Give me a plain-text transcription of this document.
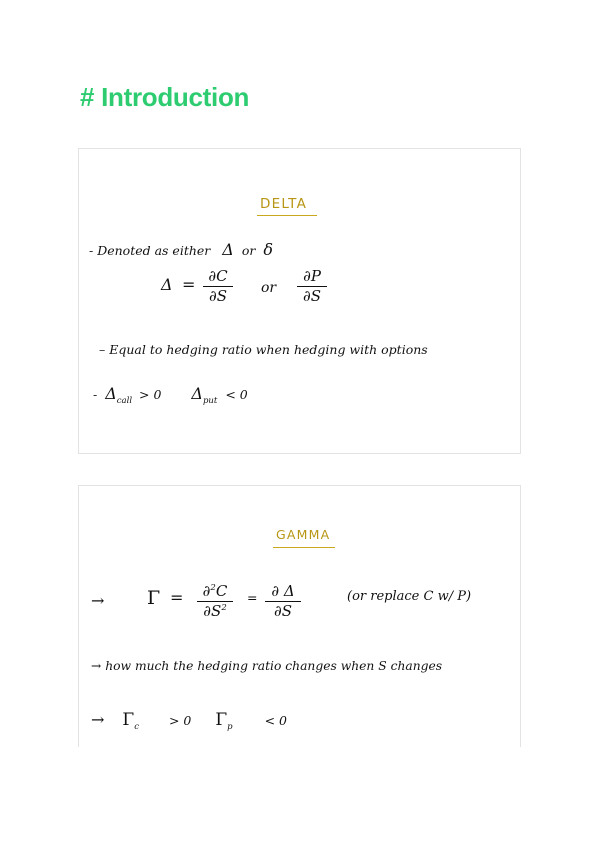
# Introduction
DELTA
- Denoted as either Δ or δ
Δ = ∂C
∂S	or
∂P
∂S
– Equal to hedging ratio when hedging with options
- $\Delta_{call} > 0$ $\Delta_{put} < 0$
GAMMA
→ Γ =	∂$^2$C
$\partial S^2$
= ∂ Δ
∂S
(or replace C w/ P)
→ how much the hedging ratio changes when S changes
→ $\Gamma_c > 0$ $\Gamma_p$	< 0
